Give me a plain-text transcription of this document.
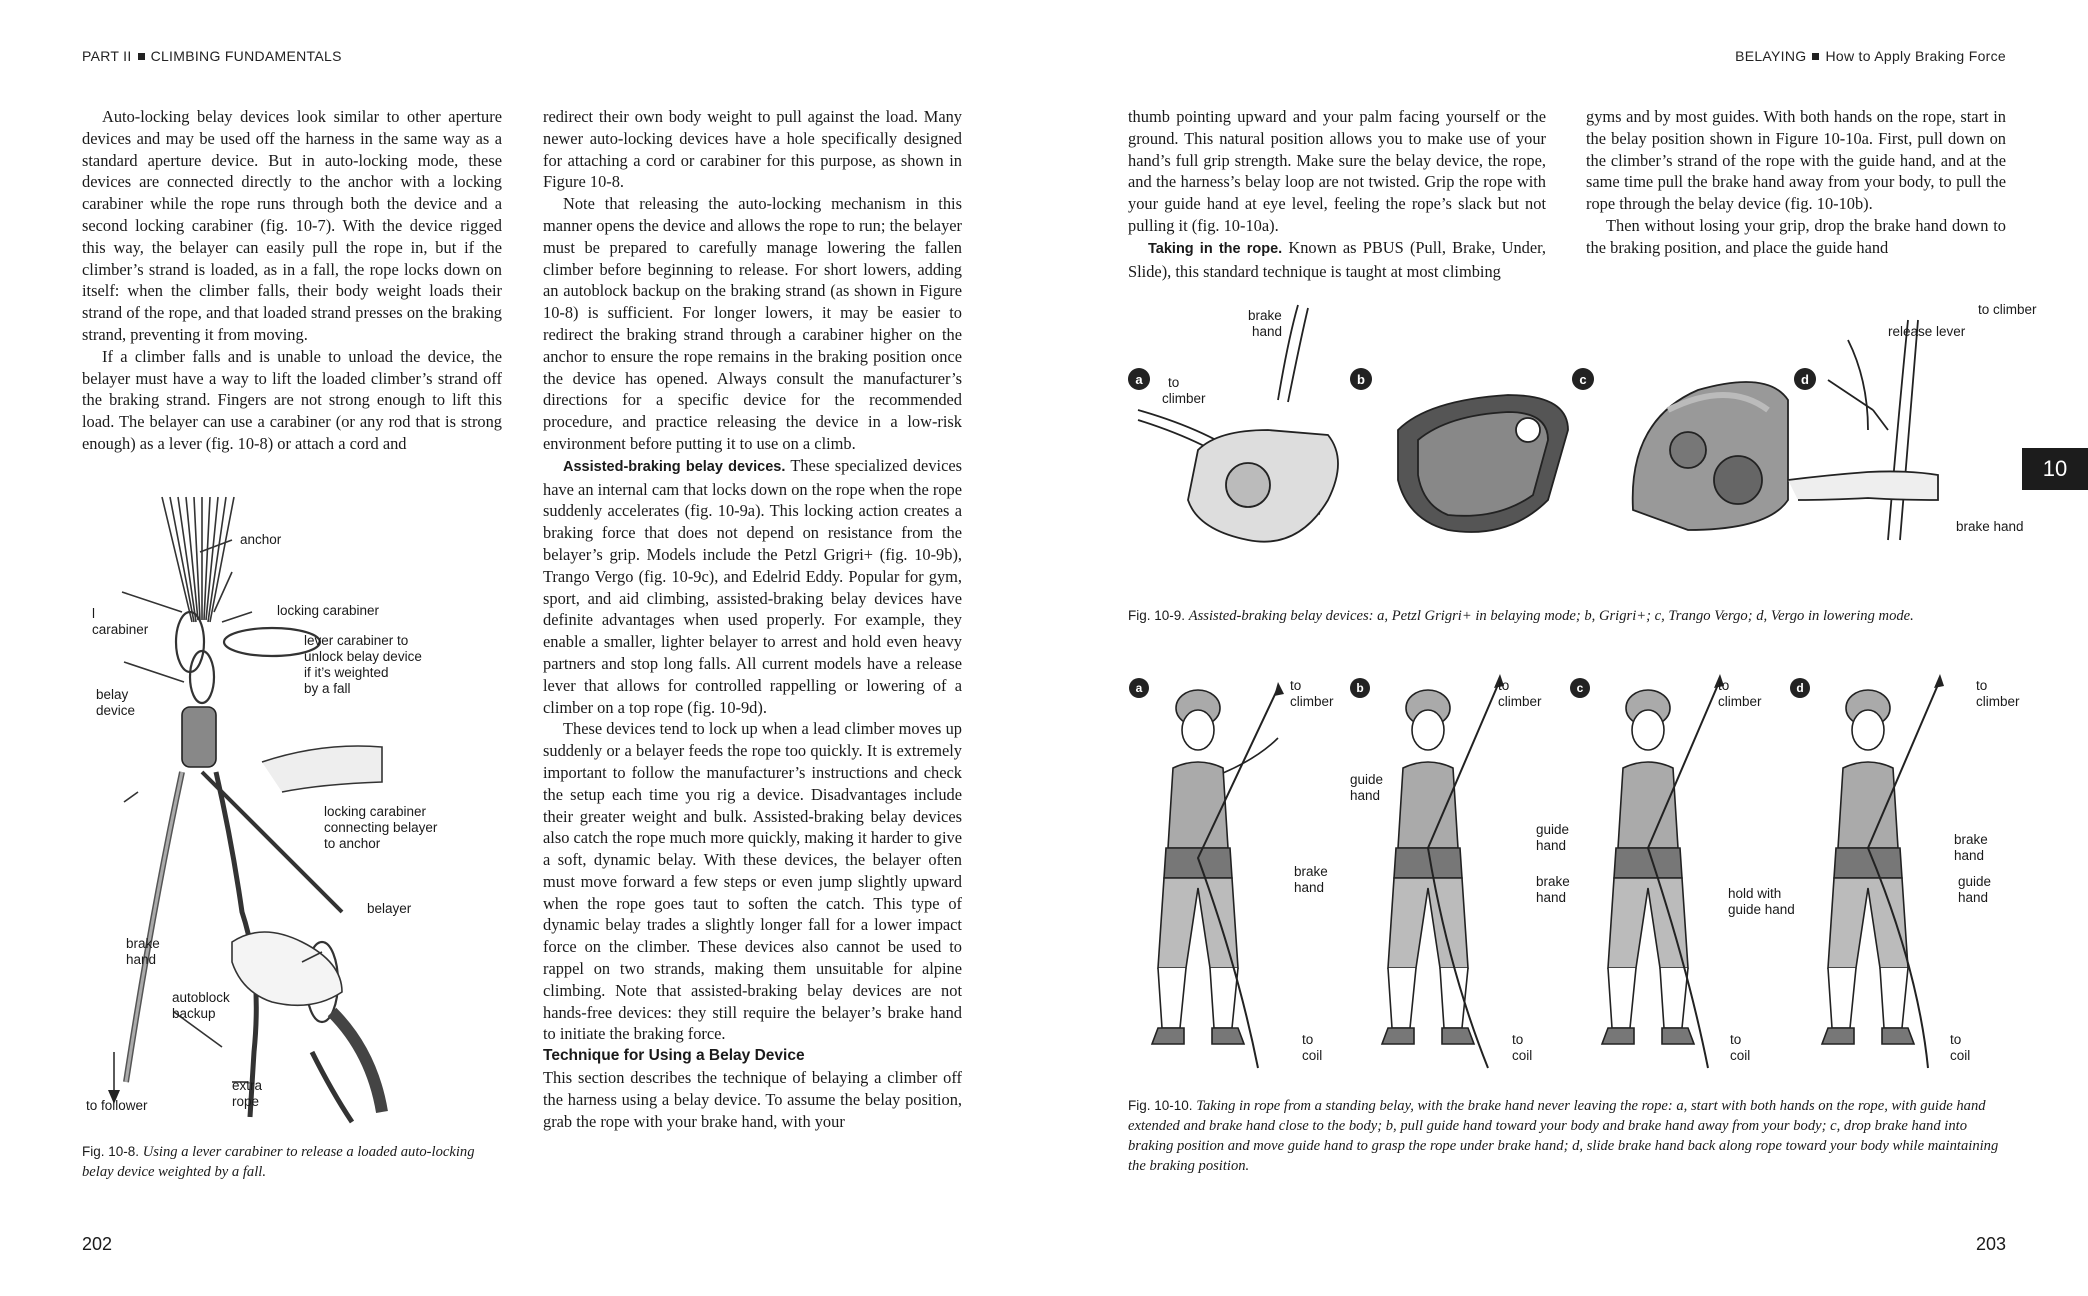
PART II CLIMBING FUNDAMENTALS

Auto-locking belay devices look similar to other aperture devices and may be used off the harness in the same way as a standard aperture device. But in auto-locking mode, these devices are connected directly to the anchor with a locking carabiner while the rope runs through both the device and a second locking carabiner (fig. 10-7). With the device rigged this way, the belayer can easily pull the rope in, but if the climber’s strand is loaded, as in a fall, the rope locks down on itself: when the climber falls, their body weight loads their strand of the rope, and that loaded strand presses on the braking strand, preventing it from moving.

If a climber falls and is unable to unload the device, the belayer must have a way to lift the loaded climber’s strand off the braking strand. Fingers are not strong enough to lift this load. The belayer can use a carabiner (or any rod that is strong enough) as a lever (fig. 10-8) or attach a cord and

anchor
l
carabiner
locking carabiner
lever carabiner to
unlock belay device
if it’s weighted
by a fall
belay
device
locking carabiner
connecting belayer
to anchor
belayer
brake
hand
autoblock
backup
extra
rope
to follower
Fig. 10-8. Using a lever carabiner to release a loaded auto-locking belay device weighted by a fall.

redirect their own body weight to pull against the load. Many newer auto-locking devices have a hole specifically designed for attaching a cord or carabiner for this purpose, as shown in Figure 10-8.

Note that releasing the auto-locking mechanism in this manner opens the device and allows the rope to run; the belayer must be prepared to carefully manage lowering the fallen climber before beginning to release. For short lowers, adding an autoblock backup on the braking strand (as shown in Figure 10-8) is sufficient. For longer lowers, it may be easier to redirect the braking strand through a carabiner higher on the anchor to ensure the rope remains in the braking position once the device has opened. Always consult the manufacturer’s directions for a specific device for the recommended procedure, and practice releasing the device in a low-risk environment before putting it to use on a climb.

Assisted-braking belay devices. These specialized devices have an internal cam that locks down on the rope when the rope suddenly accelerates (fig. 10-9a). This locking action creates a braking force that does not depend on resistance from the belayer’s grip. Models include the Petzl Grigri+ (fig. 10-9b), Trango Vergo (fig. 10-9c), and Edelrid Eddy. Popular for gym, sport, and aid climbing, assisted-braking belay devices have definite advantages when used properly. For example, they enable a smaller, lighter belayer to arrest and hold even heavy partners and stop long falls. All current models have a release lever that allows for controlled rappelling or lowering of a climber on a top rope (fig. 10-9d).

These devices tend to lock up when a lead climber moves up suddenly or a belayer feeds the rope too quickly. It is extremely important to follow the manufacturer’s instructions and check the setup each time you rig a device. Disadvantages include their greater weight and bulk. Assisted-braking belay devices also catch the rope much more quickly, making it harder to give a soft, dynamic belay. With these devices, the belayer often must move forward a few steps or even jump slightly upward when the rope goes taut to soften the catch. This type of dynamic belay trades a slightly longer fall for a lower impact force on the climber. These devices also cannot be used to rappel on two strands, making them unsuitable for alpine climbing. Note that assisted-braking belay devices are not hands-free devices: they still require the belayer’s brake hand to initiate the braking force.

Technique for Using a Belay Device

This section describes the technique of belaying a climber off the harness using a belay device. To assume the belay position, grab the rope with your brake hand, with your

202
BELAYING How to Apply Braking Force

thumb pointing upward and your palm facing yourself or the ground. This natural position allows you to make use of your hand’s full grip strength. Make sure the belay device, the rope, and the harness’s belay loop are not twisted. Grip the rope with your guide hand at eye level, feeling the rope’s slack but not pulling it (fig. 10-10a).

Taking in the rope. Known as PBUS (Pull, Brake, Under, Slide), this standard technique is taught at most climbing

gyms and by most guides. With both hands on the rope, start in the belay position shown in Figure 10-10a. First, pull down on the climber’s strand of the rope with the guide hand, and at the same time pull the brake hand away from your body, to pull the rope through the belay device (fig. 10-10b).

Then without losing your grip, drop the brake hand down to the braking position, and place the guide hand

10
a	b	c	d
brake
hand
to
climber
to climber
release lever
brake hand
Fig. 10-9. Assisted-braking belay devices: a, Petzl Grigri+ in belaying mode; b, Grigri+; c, Trango Vergo; d, Vergo in lowering mode.
a	b	c	d
to
climber
to
climber
to
climber
to
climber
guide
hand
brake
hand
guide
hand
brake
hand	hold with
guide hand
brake
hand
guide
hand
to
coil
to
coil
to
coil
to
coil
Fig. 10-10. Taking in rope from a standing belay, with the brake hand never leaving the rope: a, start with both hands on the rope, with guide hand extended and brake hand close to the body; b, pull guide hand toward your body and brake hand away from your body; c, drop brake hand into braking position and move guide hand to grasp the rope under brake hand; d, slide brake hand back along rope toward your body while maintaining the braking position.
203
